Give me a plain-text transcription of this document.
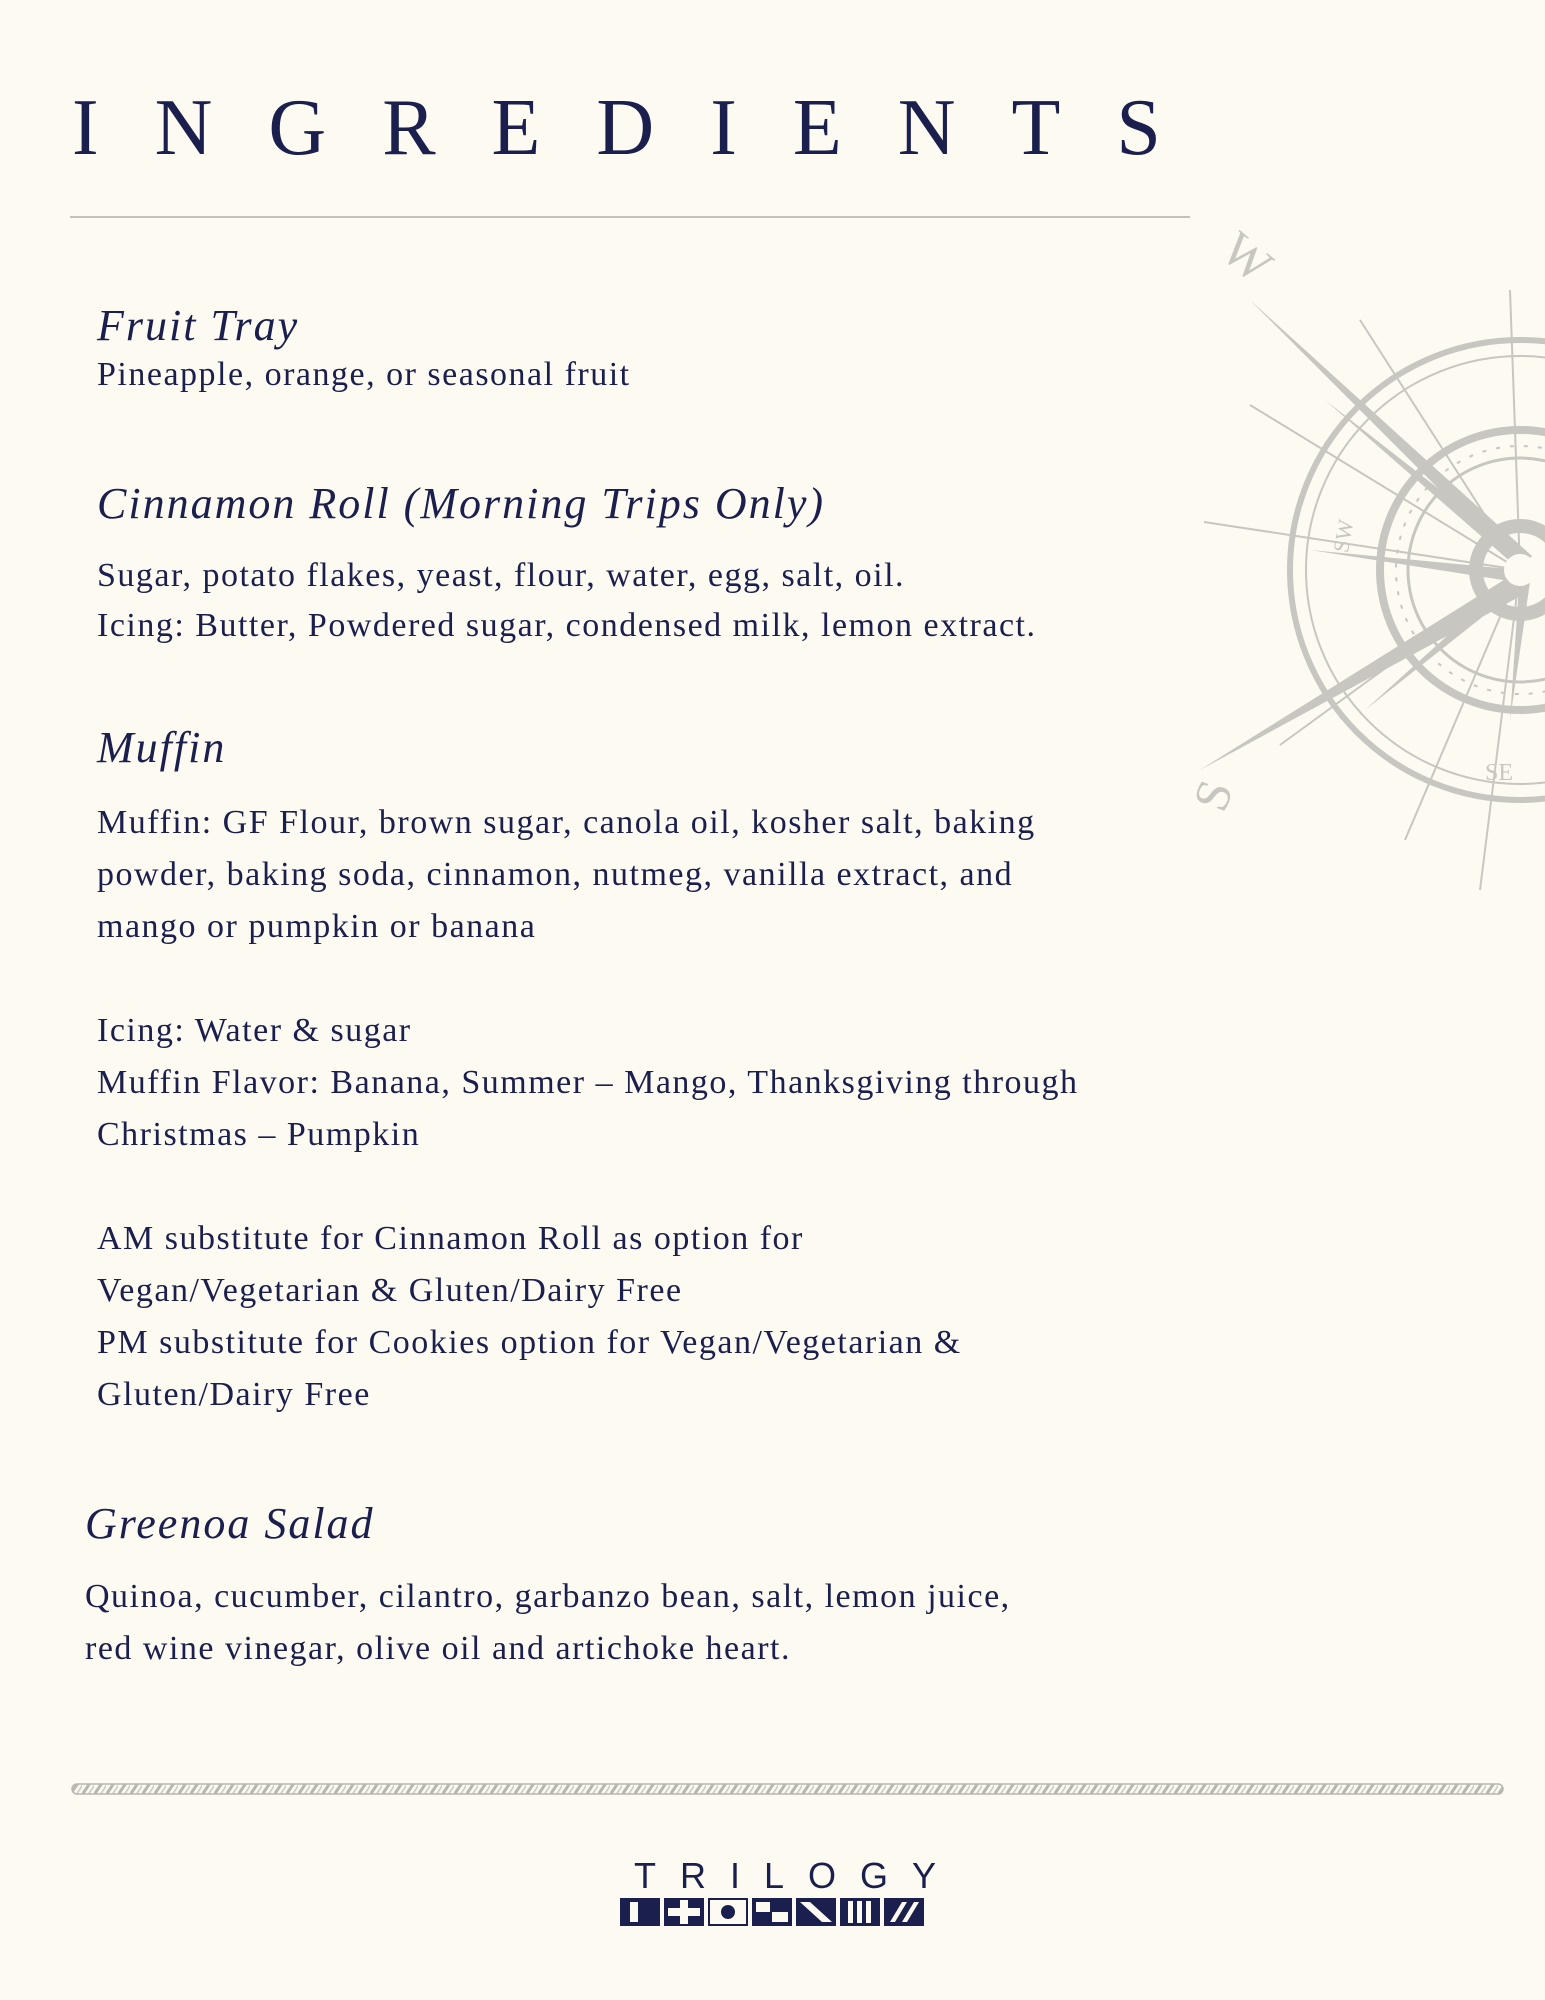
INGREDIENTS
W
SW
S	SE
Fruit Tray

Pineapple, orange, or seasonal fruit

Cinnamon Roll (Morning Trips Only)

Sugar, potato flakes, yeast, flour, water, egg, salt, oil.

Icing: Butter, Powdered sugar, condensed milk, lemon extract.

Muffin

Muffin: GF Flour, brown sugar, canola oil, kosher salt, baking

powder, baking soda, cinnamon, nutmeg, vanilla extract, and

mango or pumpkin or banana

Icing: Water & sugar

Muffin Flavor: Banana, Summer – Mango, Thanksgiving through

Christmas – Pumpkin

AM substitute for Cinnamon Roll as option for

Vegan/Vegetarian & Gluten/Dairy Free

PM substitute for Cookies option for Vegan/Vegetarian &

Gluten/Dairy Free

Greenoa Salad

Quinoa, cucumber, cilantro, garbanzo bean, salt, lemon juice,

red wine vinegar, olive oil and artichoke heart.

TRILOGY
